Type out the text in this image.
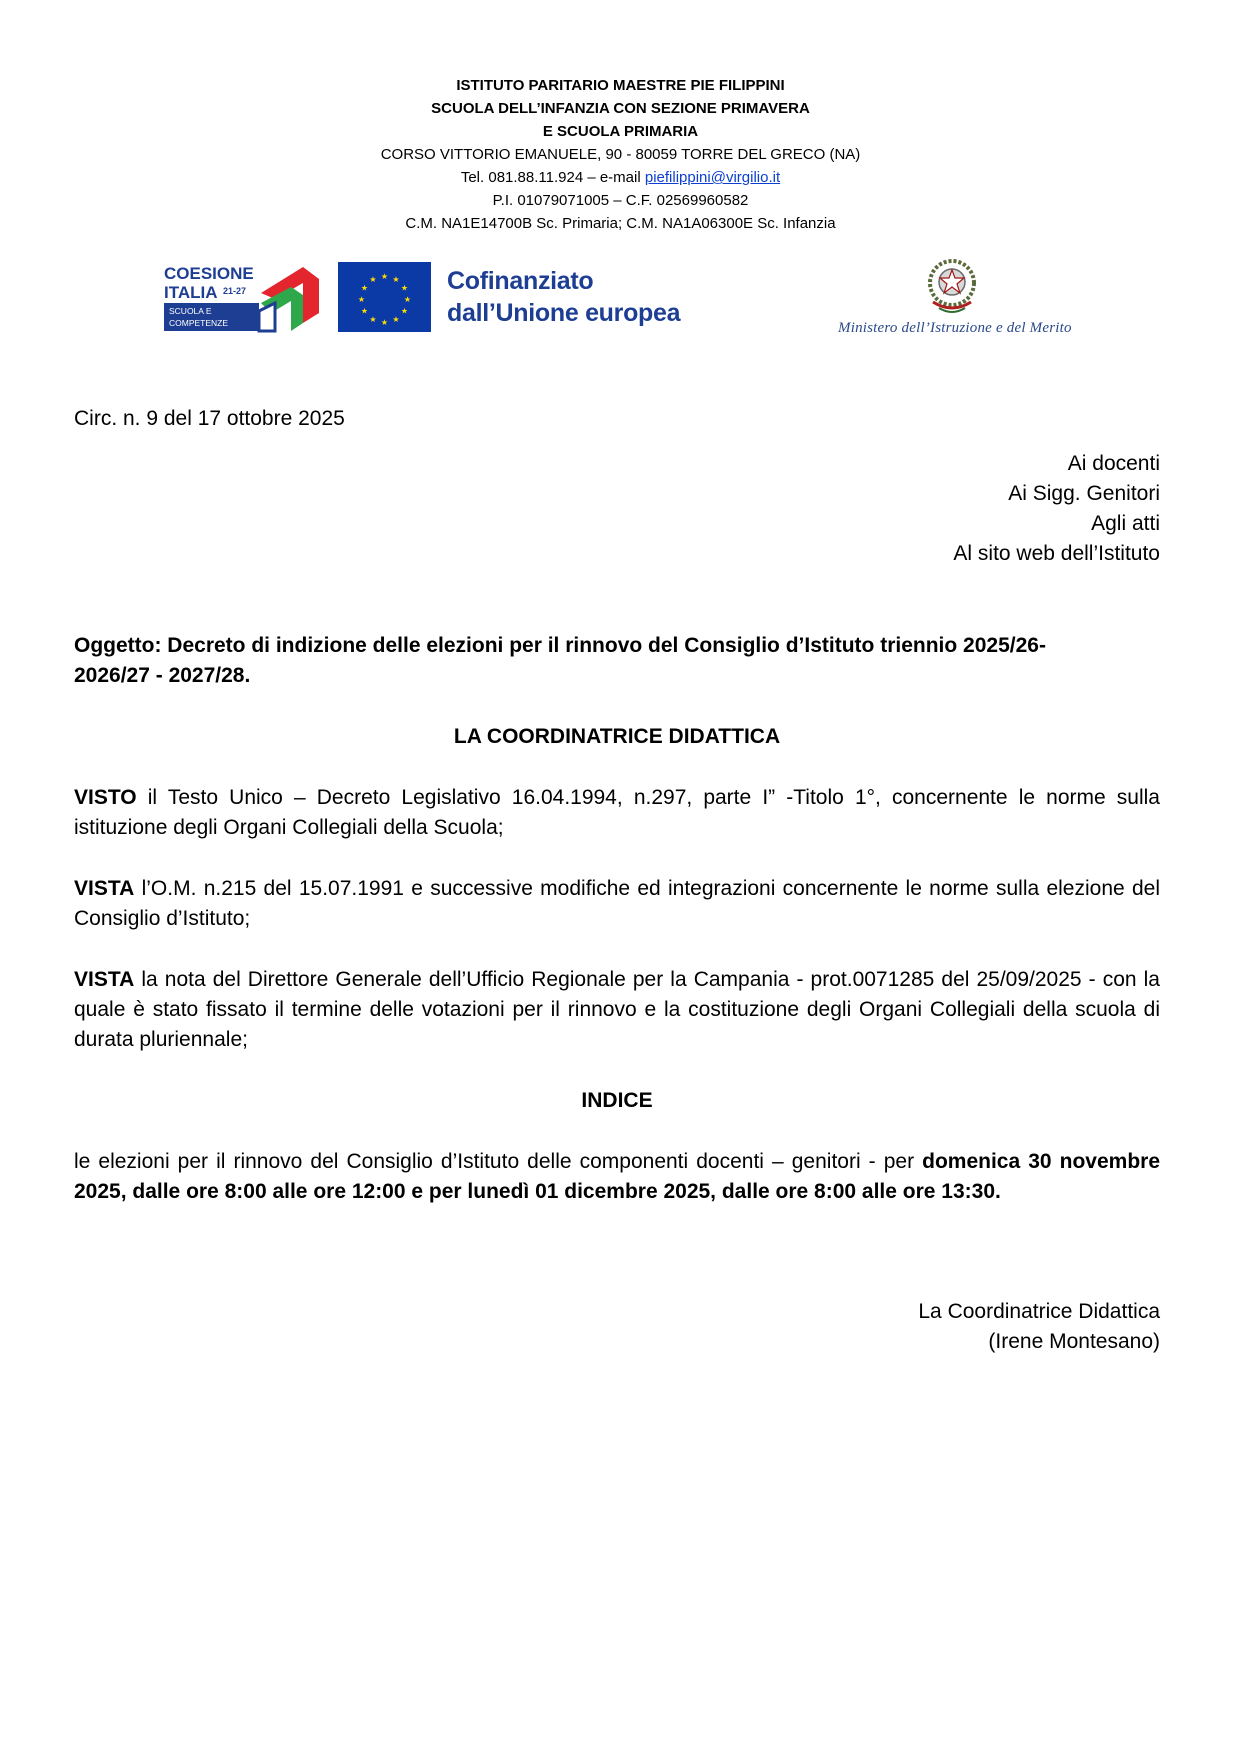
ISTITUTO PARITARIO MAESTRE PIE FILIPPINI
SCUOLA DELL’INFANZIA CON SEZIONE PRIMAVERA
E SCUOLA PRIMARIA
CORSO VITTORIO EMANUELE, 90 - 80059 TORRE DEL GRECO (NA)
Tel. 081.88.11.924 – e-mail piefilippini@virgilio.it
P.I. 01079071005 – C.F. 02569960582
C.M. NA1E14700B Sc. Primaria; C.M. NA1A06300E Sc. Infanzia
COESIONE
ITALIA 21-27
SCUOLA E
COMPETENZE
★ ★
★
★
★
★
★
★
★
★
★
★	Cofinanziato
dall’Unione europea
Ministero dell’Istruzione e del Merito
Circ. n. 9 del 17 ottobre 2025
Ai docenti
Ai Sigg. Genitori
Agli atti
Al sito web dell’Istituto
Oggetto: Decreto di indizione delle elezioni per il rinnovo del Consiglio d’Istituto triennio 2025/26-
2026/27 - 2027/28.
LA COORDINATRICE DIDATTICA
VISTO il Testo Unico – Decreto Legislativo 16.04.1994, n.297, parte I” -Titolo 1°, concernente le norme sulla istituzione degli Organi Collegiali della Scuola;
VISTA l’O.M. n.215 del 15.07.1991 e successive modifiche ed integrazioni concernente le norme sulla elezione del Consiglio d’Istituto;
VISTA la nota del Direttore Generale dell’Ufficio Regionale per la Campania - prot.0071285 del 25/09/2025 - con la quale è stato fissato il termine delle votazioni per il rinnovo e la costituzione degli Organi Collegiali della scuola di durata pluriennale;
INDICE
le elezioni per il rinnovo del Consiglio d’Istituto delle componenti docenti – genitori - per domenica 30 novembre 2025, dalle ore 8:00 alle ore 12:00 e per lunedì 01 dicembre 2025, dalle ore 8:00 alle ore 13:30.
La Coordinatrice Didattica
(Irene Montesano)
